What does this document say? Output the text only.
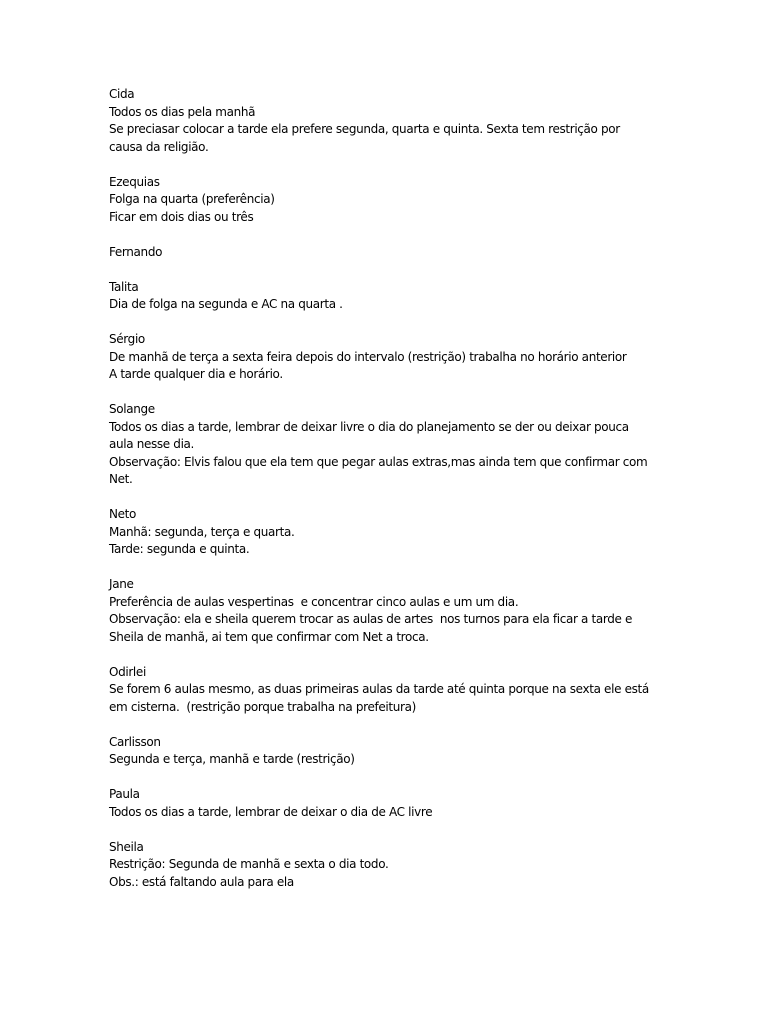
Cida
Todos os dias pela manhã
Se preciasar colocar a tarde ela prefere segunda, quarta e quinta. Sexta tem restrição por
causa da religião.
Ezequias
Folga na quarta (preferência)
Ficar em dois dias ou três
Fernando
Talita
Dia de folga na segunda e AC na quarta .
Sérgio
De manhã de terça a sexta feira depois do intervalo (restrição) trabalha no horário anterior
A tarde qualquer dia e horário.
Solange
Todos os dias a tarde, lembrar de deixar livre o dia do planejamento se der ou deixar pouca
aula nesse dia.
Observação: Elvis falou que ela tem que pegar aulas extras,mas ainda tem que confirmar com
Net.
Neto
Manhã: segunda, terça e quarta.
Tarde: segunda e quinta.
Jane
Preferência de aulas vespertinas  e concentrar cinco aulas e um um dia.
Observação: ela e sheila querem trocar as aulas de artes  nos turnos para ela ficar a tarde e
Sheila de manhã, ai tem que confirmar com Net a troca.
Odirlei
Se forem 6 aulas mesmo, as duas primeiras aulas da tarde até quinta porque na sexta ele está
em cisterna.  (restrição porque trabalha na prefeitura)
Carlisson
Segunda e terça, manhã e tarde (restrição)
Paula
Todos os dias a tarde, lembrar de deixar o dia de AC livre
Sheila
Restrição: Segunda de manhã e sexta o dia todo.
Obs.: está faltando aula para ela
